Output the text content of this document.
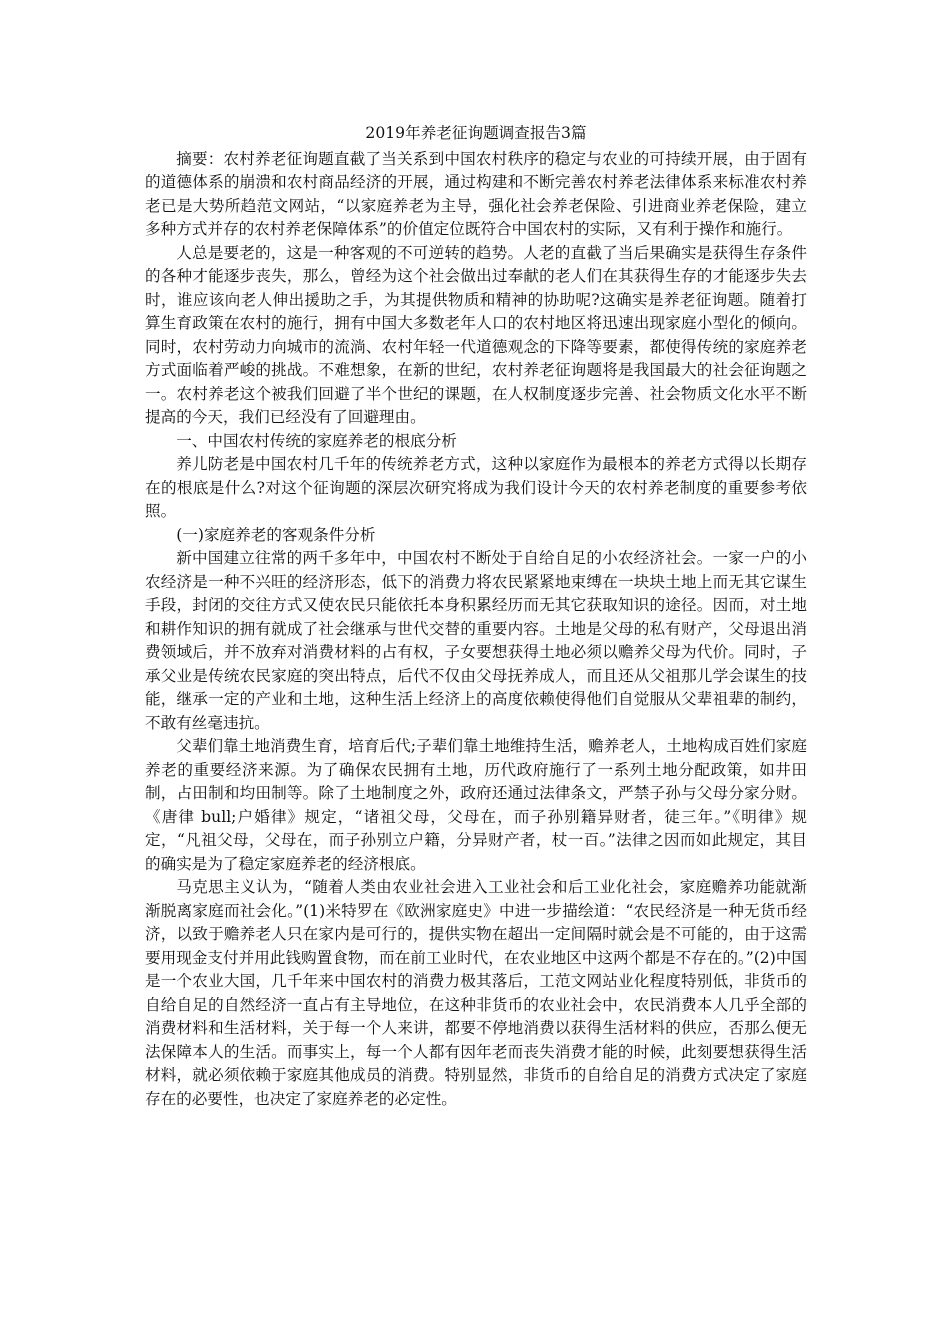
2019年养老征询题调查报告3篇

摘要：农村养老征询题直截了当关系到中国农村秩序的稳定与农业的可持续开展，由于固有的道德体系的崩溃和农村商品经济的开展，通过构建和不断完善农村养老法律体系来标准农村养老已是大势所趋范文网站，“以家庭养老为主导，强化社会养老保险、引进商业养老保险，建立多种方式并存的农村养老保障体系”的价值定位既符合中国农村的实际，又有利于操作和施行。

人总是要老的，这是一种客观的不可逆转的趋势。人老的直截了当后果确实是获得生存条件的各种才能逐步丧失，那么，曾经为这个社会做出过奉献的老人们在其获得生存的才能逐步失去时，谁应该向老人伸出援助之手，为其提供物质和精神的协助呢?这确实是养老征询题。随着打算生育政策在农村的施行，拥有中国大多数老年人口的农村地区将迅速出现家庭小型化的倾向。同时，农村劳动力向城市的流淌、农村年轻一代道德观念的下降等要素，都使得传统的家庭养老方式面临着严峻的挑战。不难想象，在新的世纪，农村养老征询题将是我国最大的社会征询题之一。农村养老这个被我们回避了半个世纪的课题，在人权制度逐步完善、社会物质文化水平不断提高的今天，我们已经没有了回避理由。

一、中国农村传统的家庭养老的根底分析

养儿防老是中国农村几千年的传统养老方式，这种以家庭作为最根本的养老方式得以长期存在的根底是什么?对这个征询题的深层次研究将成为我们设计今天的农村养老制度的重要参考依照。

(一)家庭养老的客观条件分析

新中国建立往常的两千多年中，中国农村不断处于自给自足的小农经济社会。一家一户的小农经济是一种不兴旺的经济形态，低下的消费力将农民紧紧地束缚在一块块土地上而无其它谋生手段，封闭的交往方式又使农民只能依托本身积累经历而无其它获取知识的途径。因而，对土地和耕作知识的拥有就成了社会继承与世代交替的重要内容。土地是父母的私有财产，父母退出消费领域后，并不放弃对消费材料的占有权，子女要想获得土地必须以赡养父母为代价。同时，子承父业是传统农民家庭的突出特点，后代不仅由父母抚养成人，而且还从父祖那儿学会谋生的技能，继承一定的产业和土地，这种生活上经济上的高度依赖使得他们自觉服从父辈祖辈的制约，不敢有丝毫违抗。

父辈们靠土地消费生育，培育后代;子辈们靠土地维持生活，赡养老人，土地构成百姓们家庭养老的重要经济来源。为了确保农民拥有土地，历代政府施行了一系列土地分配政策，如井田制，占田制和均田制等。除了土地制度之外，政府还通过法律条文，严禁子孙与父母分家分财。《唐律 bull;户婚律》规定，“诸祖父母，父母在，而子孙别籍异财者，徒三年。”《明律》规定，“凡祖父母，父母在，而子孙别立户籍，分异财产者，杖一百。”法律之因而如此规定，其目的确实是为了稳定家庭养老的经济根底。

马克思主义认为，“随着人类由农业社会进入工业社会和后工业化社会，家庭赡养功能就渐渐脱离家庭而社会化。”(1)米特罗在《欧洲家庭史》中进一步描绘道：“农民经济是一种无货币经济，以致于赡养老人只在家内是可行的，提供实物在超出一定间隔时就会是不可能的，由于这需要用现金支付并用此钱购置食物，而在前工业时代，在农业地区中这两个都是不存在的。”(2)中国是一个农业大国，几千年来中国农村的消费力极其落后，工范文网站业化程度特别低，非货币的自给自足的自然经济一直占有主导地位，在这种非货币的农业社会中，农民消费本人几乎全部的消费材料和生活材料，关于每一个人来讲，都要不停地消费以获得生活材料的供应，否那么便无法保障本人的生活。而事实上，每一个人都有因年老而丧失消费才能的时候，此刻要想获得生活材料，就必须依赖于家庭其他成员的消费。特别显然，非货币的自给自足的消费方式决定了家庭存在的必要性，也决定了家庭养老的必定性。
